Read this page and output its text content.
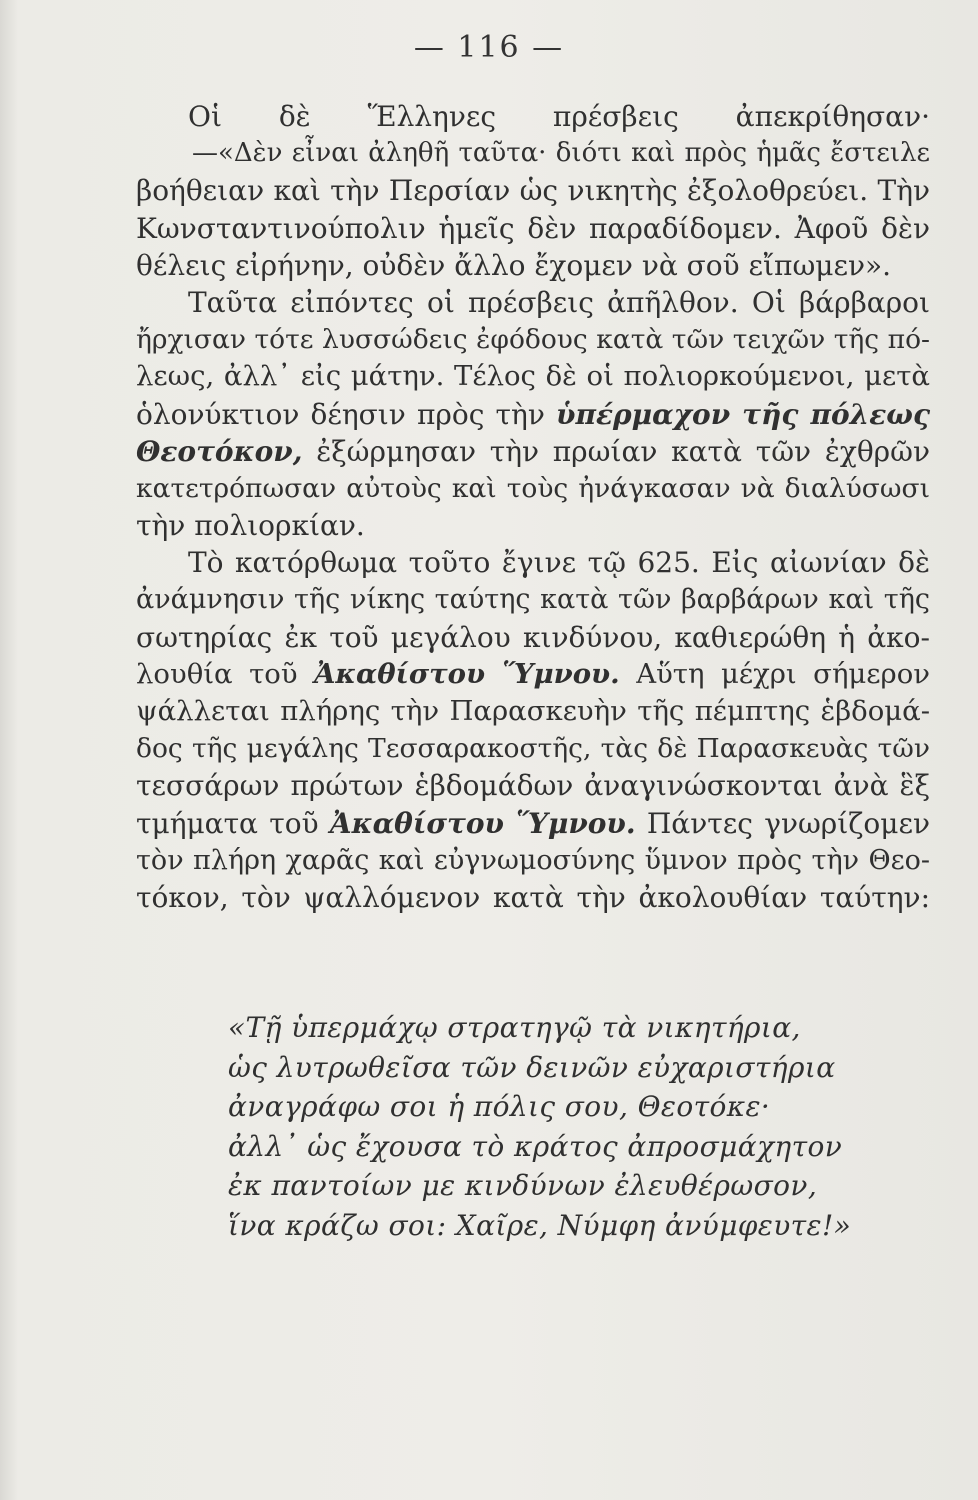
— 116 —
Οἱ δὲ Ἕλληνες πρέσβεις ἀπεκρίθησαν·
—«Δὲν εἶναι ἀληθῆ ταῦτα· διότι καὶ πρὸς ἡμᾶς ἔστειλε
βοήθειαν καὶ τὴν Περσίαν ὡς νικητὴς ἐξολοθρεύει. Τὴν
Κωνσταντινούπολιν ἡμεῖς δὲν παραδίδομεν. Ἀφοῦ δὲν
θέλεις εἰρήνην, οὐδὲν ἄλλο ἔχομεν νὰ σοῦ εἴπωμεν».
Ταῦτα εἰπόντες οἱ πρέσβεις ἀπῆλθον. Οἱ βάρβαροι
ἤρχισαν τότε λυσσώδεις ἐφόδους κατὰ τῶν τειχῶν τῆς πό-
λεως, ἀλλ᾽ εἰς μάτην. Τέλος δὲ οἱ πολιορκούμενοι, μετὰ
ὁλονύκτιον δέησιν πρὸς τὴν ὑπέρμαχον τῆς πόλεως
Θεοτόκον, ἐξώρμησαν τὴν πρωίαν κατὰ τῶν ἐχθρῶν
κατετρόπωσαν αὐτοὺς καὶ τοὺς ἠνάγκασαν νὰ διαλύσωσι
τὴν πολιορκίαν.
Τὸ κατόρθωμα τοῦτο ἔγινε τῷ 625. Εἰς αἰωνίαν δὲ
ἀνάμνησιν τῆς νίκης ταύτης κατὰ τῶν βαρβάρων καὶ τῆς
σωτηρίας ἐκ τοῦ μεγάλου κινδύνου, καθιερώθη ἡ ἀκο-
λουθία τοῦ Ἀκαθίστου Ὕμνου. Αὕτη μέχρι σήμερον
ψάλλεται πλήρης τὴν Παρασκευὴν τῆς πέμπτης ἑβδομά-
δος τῆς μεγάλης Τεσσαρακοστῆς, τὰς δὲ Παρασκευὰς τῶν
τεσσάρων πρώτων ἑβδομάδων ἀναγινώσκονται ἀνὰ ἓξ
τμήματα τοῦ Ἀκαθίστου Ὕμνου. Πάντες γνωρίζομεν
τὸν πλήρη χαρᾶς καὶ εὐγνωμοσύνης ὕμνον πρὸς τὴν Θεο-
τόκον, τὸν ψαλλόμενον κατὰ τὴν ἀκολουθίαν ταύτην:
«Τῇ ὑπερμάχῳ στρατηγῷ τὰ νικητήρια,
ὡς λυτρωθεῖσα τῶν δεινῶν εὐχαριστήρια
ἀναγράφω σοι ἡ πόλις σου, Θεοτόκε·
ἀλλ᾽ ὡς ἔχουσα τὸ κράτος ἀπροσμάχητον
ἐκ παντοίων με κινδύνων ἐλευθέρωσον,
ἵνα κράζω σοι: Χαῖρε, Νύμφη ἀνύμφευτε!»
